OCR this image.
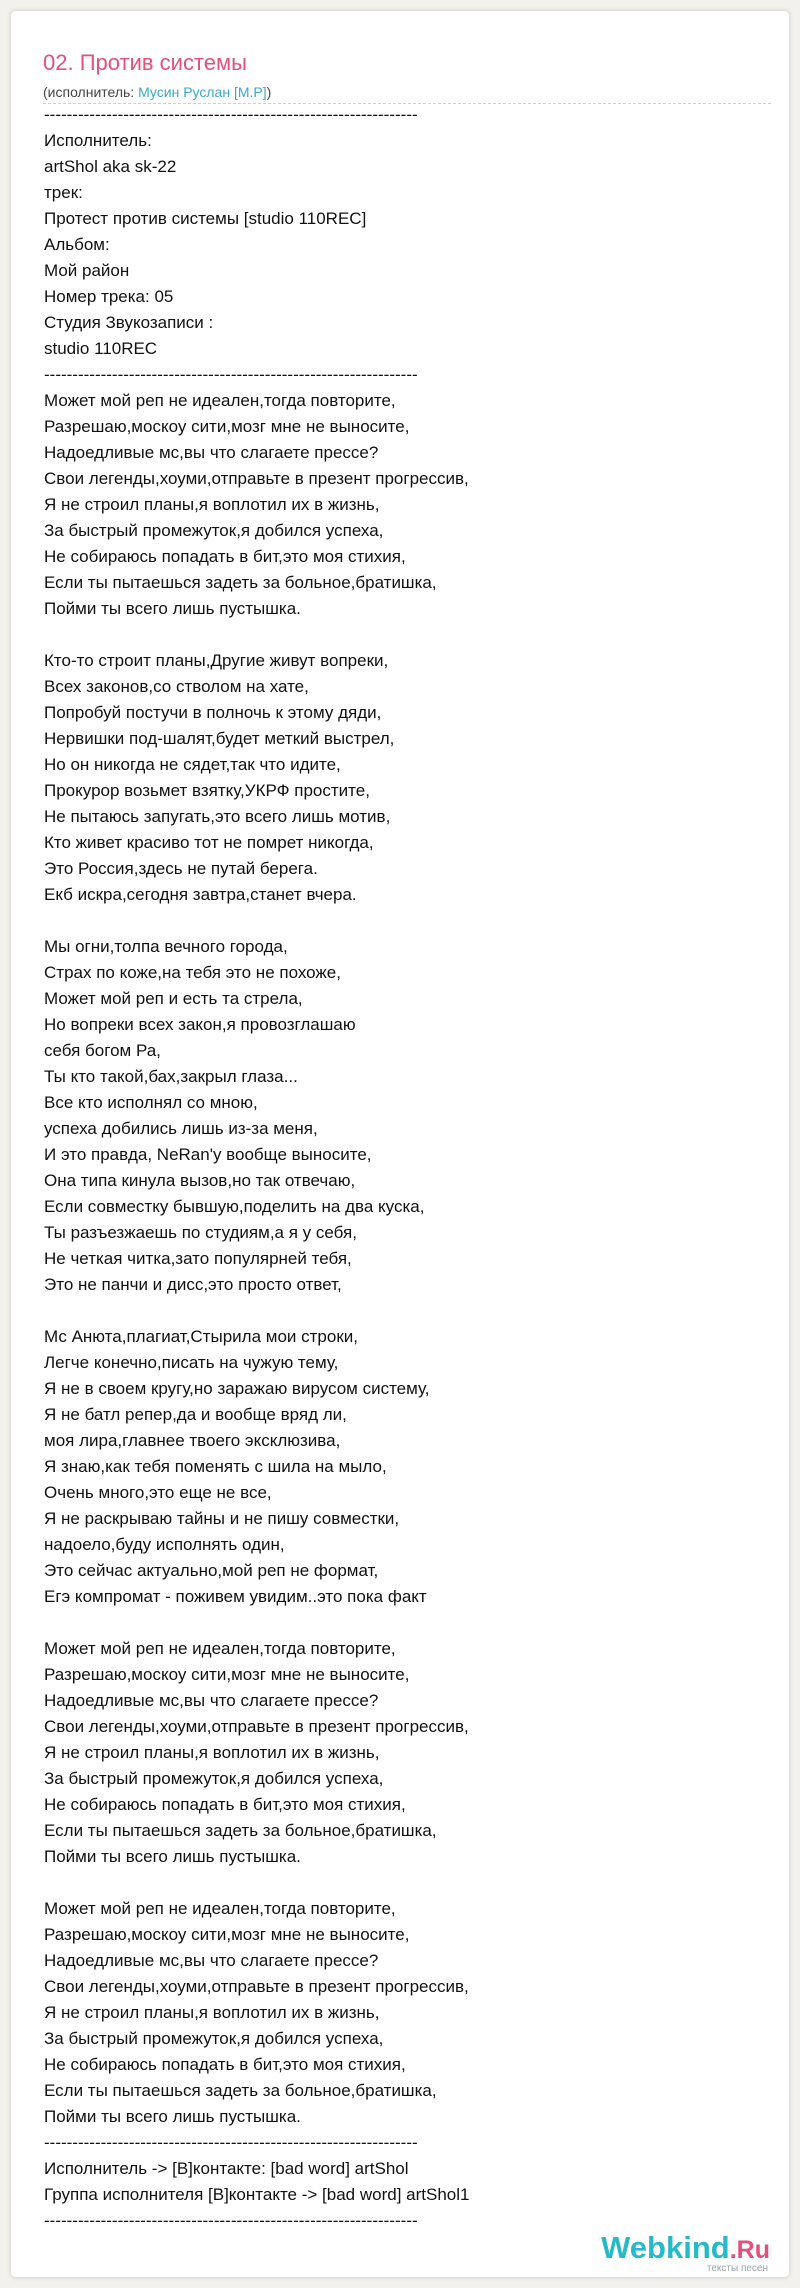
02. Против системы
(исполнитель: Мусин Руслан [М.Р])
------------------------------------------------------------------
Исполнитель:
artShol aka sk-22
трек:
Протест против системы [studio 110REC]
Альбом:
Мой район
Номер трека: 05
Студия Звукозаписи :
studio 110REC
------------------------------------------------------------------
Может мой реп не идеален,тогда повторите,
Разрешаю,москоу сити,мозг мне не выносите,
Надоедливые мс,вы что слагаете прессе?
Свои легенды,хоуми,отправьте в презент прогрессив,
Я не строил планы,я воплотил их в жизнь,
За быстрый промежуток,я добился успеха,
Не собираюсь попадать в бит,это моя стихия,
Если ты пытаешься задеть за больное,братишка,
Пойми ты всего лишь пустышка.
Кто-то строит планы,Другие живут вопреки,
Всех законов,со стволом на хате,
Попробуй постучи в полночь к этому дяди,
Нервишки под-шалят,будет меткий выстрел,
Но он никогда не сядет,так что идите,
Прокурор возьмет взятку,УКРФ простите,
Не пытаюсь запугать,это всего лишь мотив,
Кто живет красиво тот не помрет никогда,
Это Россия,здесь не путай берега.
Екб искра,сегодня завтра,станет вчера.
Мы огни,толпа вечного города,
Страх по коже,на тебя это не похоже,
Может мой реп и есть та стрела,
Но вопреки всех закон,я провозглашаю
себя богом Ра,
Ты кто такой,бах,закрыл глаза...
Все кто исполнял со мною,
успеха добились лишь из-за меня,
И это правда, NeRan'y вообще выносите,
Она типа кинула вызов,но так отвечаю,
Если совместку бывшую,поделить на два куска,
Ты разъезжаешь по студиям,а я у себя,
Не четкая читка,зато популярней тебя,
Это не панчи и дисс,это просто ответ,
Мс Анюта,плагиат,Стырила мои строки,
Легче конечно,писать на чужую тему,
Я не в своем кругу,но заражаю вирусом систему,
Я не батл репер,да и вообще вряд ли,
моя лира,главнее твоего эксклюзива,
Я знаю,как тебя поменять с шила на мыло,
Очень много,это еще не все,
Я не раскрываю тайны и не пишу совместки,
надоело,буду исполнять один,
Это сейчас актуально,мой реп не формат,
Егэ компромат - поживем увидим..это пока факт
Может мой реп не идеален,тогда повторите,
Разрешаю,москоу сити,мозг мне не выносите,
Надоедливые мс,вы что слагаете прессе?
Свои легенды,хоуми,отправьте в презент прогрессив,
Я не строил планы,я воплотил их в жизнь,
За быстрый промежуток,я добился успеха,
Не собираюсь попадать в бит,это моя стихия,
Если ты пытаешься задеть за больное,братишка,
Пойми ты всего лишь пустышка.
Может мой реп не идеален,тогда повторите,
Разрешаю,москоу сити,мозг мне не выносите,
Надоедливые мс,вы что слагаете прессе?
Свои легенды,хоуми,отправьте в презент прогрессив,
Я не строил планы,я воплотил их в жизнь,
За быстрый промежуток,я добился успеха,
Не собираюсь попадать в бит,это моя стихия,
Если ты пытаешься задеть за больное,братишка,
Пойми ты всего лишь пустышка.
------------------------------------------------------------------
Исполнитель -> [В]контакте: [bad word] artShol
Группа исполнителя [В]контакте -> [bad word] artShol1
------------------------------------------------------------------
Webkind.Ru
тексты песен
